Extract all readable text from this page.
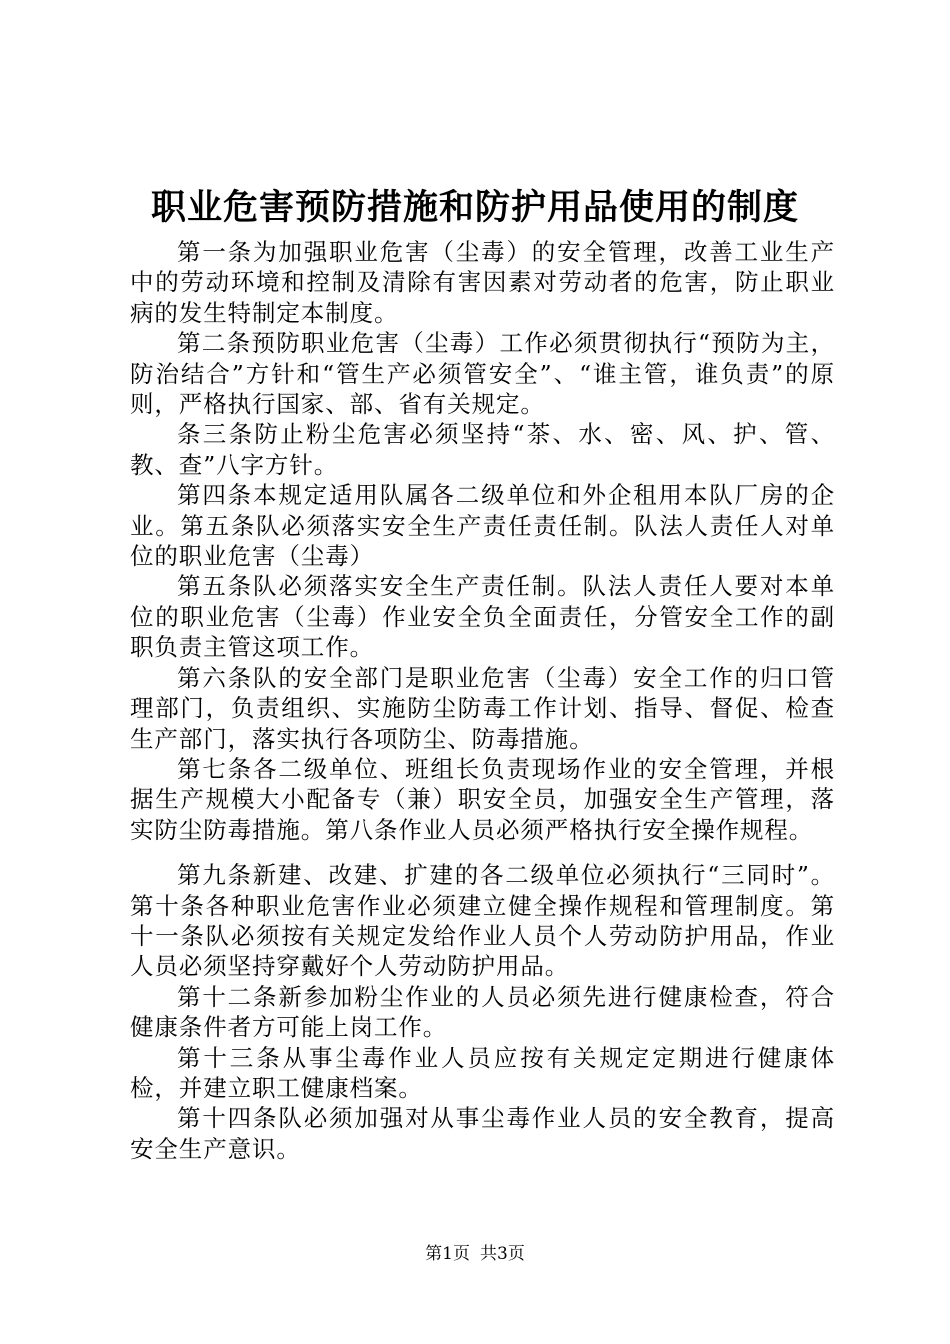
职业危害预防措施和防护用品使用的制度

第一条为加强职业危害（尘毒）的安全管理，改善工业生产中的劳动环境和控制及清除有害因素对劳动者的危害，防止职业病的发生特制定本制度。

第二条预防职业危害（尘毒）工作必须贯彻执行“预防为主，防治结合”方针和“管生产必须管安全”、“谁主管，谁负责”的原则，严格执行国家、部、省有关规定。

条三条防止粉尘危害必须坚持“茶、水、密、风、护、管、教、查”八字方针。

第四条本规定适用队属各二级单位和外企租用本队厂房的企业。第五条队必须落实安全生产责任责任制。队法人责任人对单位的职业危害（尘毒）

第五条队必须落实安全生产责任制。队法人责任人要对本单位的职业危害（尘毒）作业安全负全面责任，分管安全工作的副职负责主管这项工作。

第六条队的安全部门是职业危害（尘毒）安全工作的归口管理部门，负责组织、实施防尘防毒工作计划、指导、督促、检查生产部门，落实执行各项防尘、防毒措施。

第七条各二级单位、班组长负责现场作业的安全管理，并根据生产规模大小配备专（兼）职安全员，加强安全生产管理，落实防尘防毒措施。第八条作业人员必须严格执行安全操作规程。

第九条新建、改建、扩建的各二级单位必须执行“三同时”。第十条各种职业危害作业必须建立健全操作规程和管理制度。第十一条队必须按有关规定发给作业人员个人劳动防护用品，作业人员必须坚持穿戴好个人劳动防护用品。

第十二条新参加粉尘作业的人员必须先进行健康检查，符合健康条件者方可能上岗工作。

第十三条从事尘毒作业人员应按有关规定定期进行健康体检，并建立职工健康档案。

第十四条队必须加强对从事尘毒作业人员的安全教育，提高安全生产意识。

第1页 共3页
